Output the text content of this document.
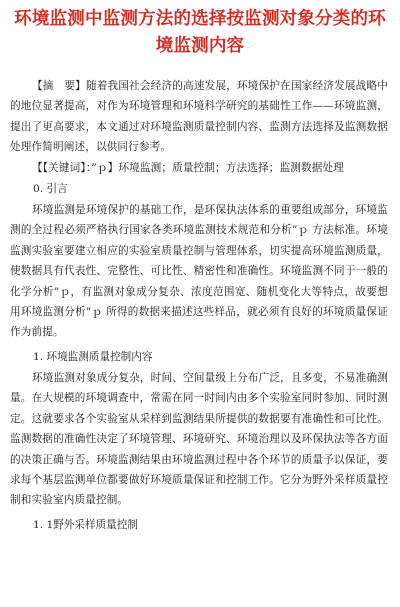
环境监测中监测方法的选择按监测对象分类的环境监测内容
【摘　要】随着我国社会经济的高速发展，环境保护在国家经济发展战略中的地位显著提高，对作为环境管理和环境科学研究的基础性工作——环境监测，提出了更高要求，本文通过对环境监测质量控制内容、监测方法选择及监测数据处理作简明阐述，以供同行参考。
【【关键词】：”ｐ】环境监测；质量控制；方法选择；监测数据处理
0. 引言
环境监测是环境保护的基础工作，是环保执法体系的重要组成部分，环境监测的全过程必须严格执行国家各类环境监测技术规范和分析”ｐ 方法标准。环境监测实验室要建立相应的实验室质量控制与管理体系，切实提高环境监测质量，使数据具有代表性、完整性、可比性、精密性和准确性。环境监测不同于一般的化学分析”ｐ，有监测对象成分复杂、浓度范围宽、随机变化大等特点，故要想用环境监测分析”ｐ 所得的数据来描述这些样品，就必须有良好的环境质量保证作为前提。
1. 环境监测质量控制内容
环境监测对象成分复杂，时间、空间量级上分布广泛，且多变，不易准确测量。在大规模的环境调查中，常需在同一时间内由多个实验室同时参加、同时测定。这就要求各个实验室从采样到监测结果所提供的数据要有准确性和可比性。监测数据的准确性决定了环境管理、环境研究、环境治理以及环保执法等各方面的决策正确与否。环境监测结果由环境监测过程中各个环节的质量予以保证，要求每个基层监测单位都要做好环境质量保证和控制工作。它分为野外采样质量控制和实验室内质量控制。
1. 1野外采样质量控制
